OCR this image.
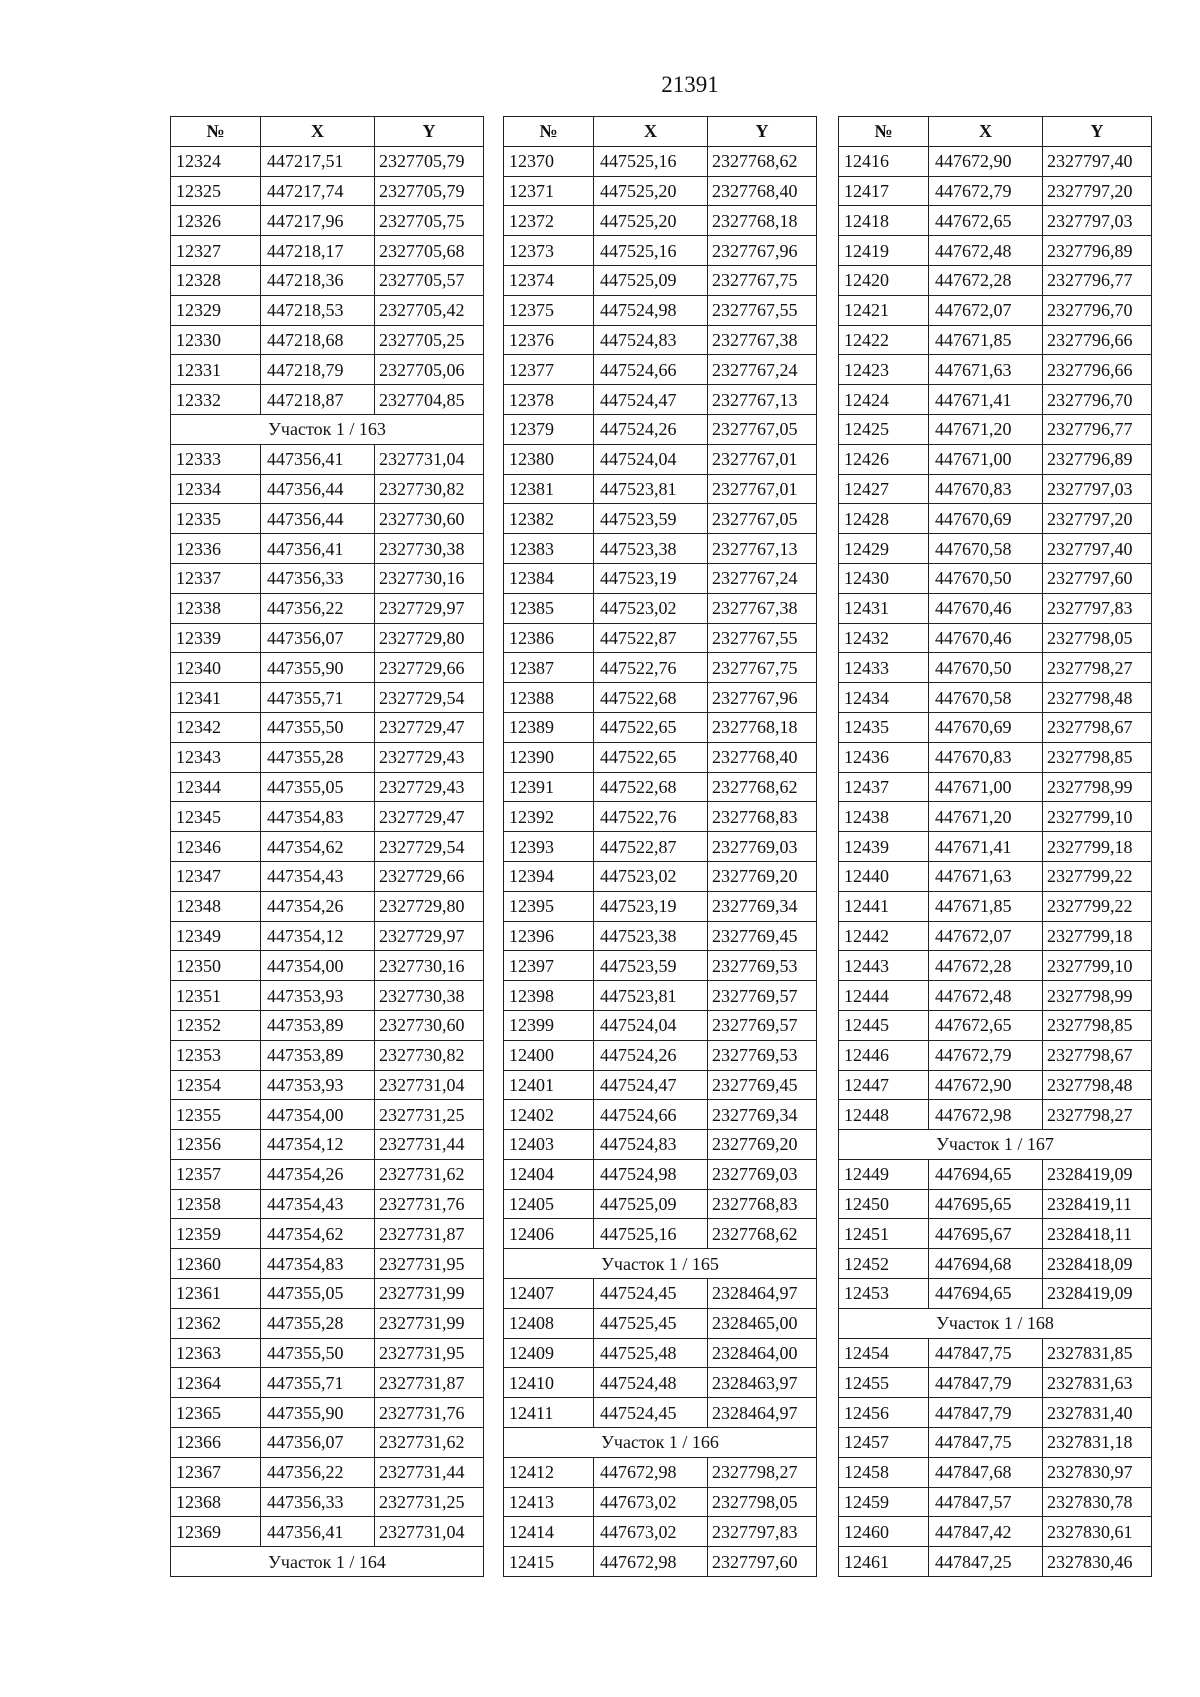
21391
№	X	Y
12324	447217,51	2327705,79
12325	447217,74	2327705,79
12326	447217,96	2327705,75
12327	447218,17	2327705,68
12328	447218,36	2327705,57
12329	447218,53	2327705,42
12330	447218,68	2327705,25
12331	447218,79	2327705,06
12332	447218,87	2327704,85
Участок 1 / 163		
12333	447356,41	2327731,04
12334	447356,44	2327730,82
12335	447356,44	2327730,60
12336	447356,41	2327730,38
12337	447356,33	2327730,16
12338	447356,22	2327729,97
12339	447356,07	2327729,80
12340	447355,90	2327729,66
12341	447355,71	2327729,54
12342	447355,50	2327729,47
12343	447355,28	2327729,43
12344	447355,05	2327729,43
12345	447354,83	2327729,47
12346	447354,62	2327729,54
12347	447354,43	2327729,66
12348	447354,26	2327729,80
12349	447354,12	2327729,97
12350	447354,00	2327730,16
12351	447353,93	2327730,38
12352	447353,89	2327730,60
12353	447353,89	2327730,82
12354	447353,93	2327731,04
12355	447354,00	2327731,25
12356	447354,12	2327731,44
12357	447354,26	2327731,62
12358	447354,43	2327731,76
12359	447354,62	2327731,87
12360	447354,83	2327731,95
12361	447355,05	2327731,99
12362	447355,28	2327731,99
12363	447355,50	2327731,95
12364	447355,71	2327731,87
12365	447355,90	2327731,76
12366	447356,07	2327731,62
12367	447356,22	2327731,44
12368	447356,33	2327731,25
12369	447356,41	2327731,04
Участок 1 / 164		
№	X	Y
12370	447525,16	2327768,62
12371	447525,20	2327768,40
12372	447525,20	2327768,18
12373	447525,16	2327767,96
12374	447525,09	2327767,75
12375	447524,98	2327767,55
12376	447524,83	2327767,38
12377	447524,66	2327767,24
12378	447524,47	2327767,13
12379	447524,26	2327767,05
12380	447524,04	2327767,01
12381	447523,81	2327767,01
12382	447523,59	2327767,05
12383	447523,38	2327767,13
12384	447523,19	2327767,24
12385	447523,02	2327767,38
12386	447522,87	2327767,55
12387	447522,76	2327767,75
12388	447522,68	2327767,96
12389	447522,65	2327768,18
12390	447522,65	2327768,40
12391	447522,68	2327768,62
12392	447522,76	2327768,83
12393	447522,87	2327769,03
12394	447523,02	2327769,20
12395	447523,19	2327769,34
12396	447523,38	2327769,45
12397	447523,59	2327769,53
12398	447523,81	2327769,57
12399	447524,04	2327769,57
12400	447524,26	2327769,53
12401	447524,47	2327769,45
12402	447524,66	2327769,34
12403	447524,83	2327769,20
12404	447524,98	2327769,03
12405	447525,09	2327768,83
12406	447525,16	2327768,62
Участок 1 / 165		
12407	447524,45	2328464,97
12408	447525,45	2328465,00
12409	447525,48	2328464,00
12410	447524,48	2328463,97
12411	447524,45	2328464,97
Участок 1 / 166		
12412	447672,98	2327798,27
12413	447673,02	2327798,05
12414	447673,02	2327797,83
12415	447672,98	2327797,60
№	X	Y
12416	447672,90	2327797,40
12417	447672,79	2327797,20
12418	447672,65	2327797,03
12419	447672,48	2327796,89
12420	447672,28	2327796,77
12421	447672,07	2327796,70
12422	447671,85	2327796,66
12423	447671,63	2327796,66
12424	447671,41	2327796,70
12425	447671,20	2327796,77
12426	447671,00	2327796,89
12427	447670,83	2327797,03
12428	447670,69	2327797,20
12429	447670,58	2327797,40
12430	447670,50	2327797,60
12431	447670,46	2327797,83
12432	447670,46	2327798,05
12433	447670,50	2327798,27
12434	447670,58	2327798,48
12435	447670,69	2327798,67
12436	447670,83	2327798,85
12437	447671,00	2327798,99
12438	447671,20	2327799,10
12439	447671,41	2327799,18
12440	447671,63	2327799,22
12441	447671,85	2327799,22
12442	447672,07	2327799,18
12443	447672,28	2327799,10
12444	447672,48	2327798,99
12445	447672,65	2327798,85
12446	447672,79	2327798,67
12447	447672,90	2327798,48
12448	447672,98	2327798,27
Участок 1 / 167		
12449	447694,65	2328419,09
12450	447695,65	2328419,11
12451	447695,67	2328418,11
12452	447694,68	2328418,09
12453	447694,65	2328419,09
Участок 1 / 168		
12454	447847,75	2327831,85
12455	447847,79	2327831,63
12456	447847,79	2327831,40
12457	447847,75	2327831,18
12458	447847,68	2327830,97
12459	447847,57	2327830,78
12460	447847,42	2327830,61
12461	447847,25	2327830,46
